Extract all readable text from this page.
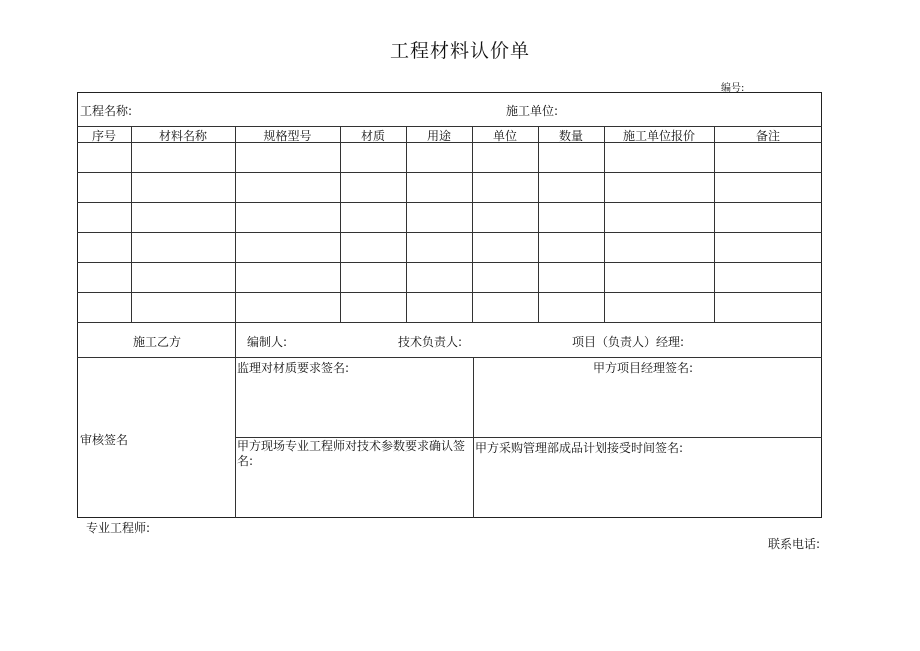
工程材料认价单
编号:
工程名称:	施工单位:
序号	材料名称	规格型号	材质	用途	单位	数量	施工单位报价	备注
施工乙方	编制人:	技术负责人:	项目（负责人）经理:
审核签名
监理对材质要求签名:	甲方项目经理签名:
甲方现场专业工程师对技术参数要求确认签名:
甲方采购管理部成品计划接受时间签名:
专业工程师:
联系电话:
